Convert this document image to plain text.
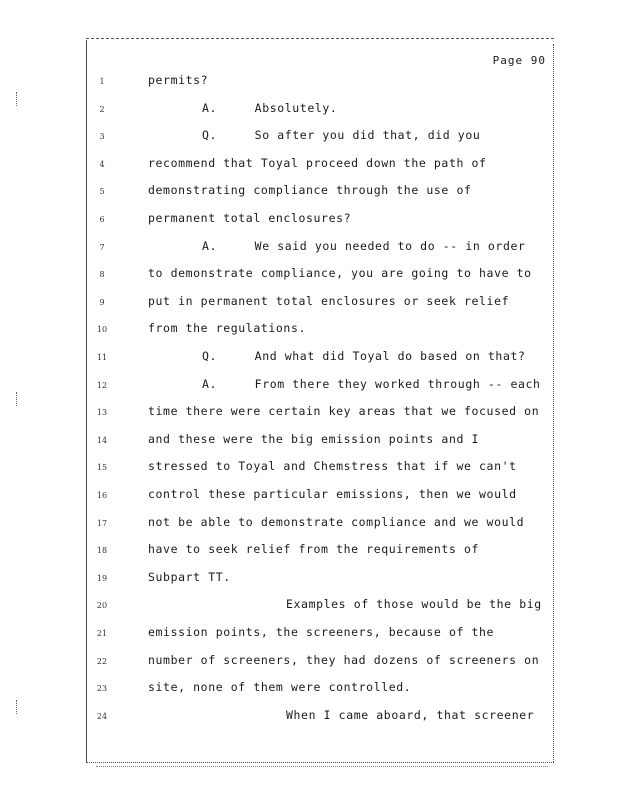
Page 90
1	permits?
2	A.     Absolutely.
3	Q.     So after you did that, did you
4	recommend that Toyal proceed down the path of
5	demonstrating compliance through the use of
6	permanent total enclosures?
7	A.     We said you needed to do -- in order
8	to demonstrate compliance, you are going to have to
9	put in permanent total enclosures or seek relief
10	from the regulations.
11	Q.     And what did Toyal do based on that?
12	A.     From there they worked through -- each
13	time there were certain key areas that we focused on
14	and these were the big emission points and I
15	stressed to Toyal and Chemstress that if we can't
16	control these particular emissions, then we would
17	not be able to demonstrate compliance and we would
18	have to seek relief from the requirements of
19	Subpart TT.
20	Examples of those would be the big
21	emission points, the screeners, because of the
22	number of screeners, they had dozens of screeners on
23	site, none of them were controlled.
24	When I came aboard, that screener
